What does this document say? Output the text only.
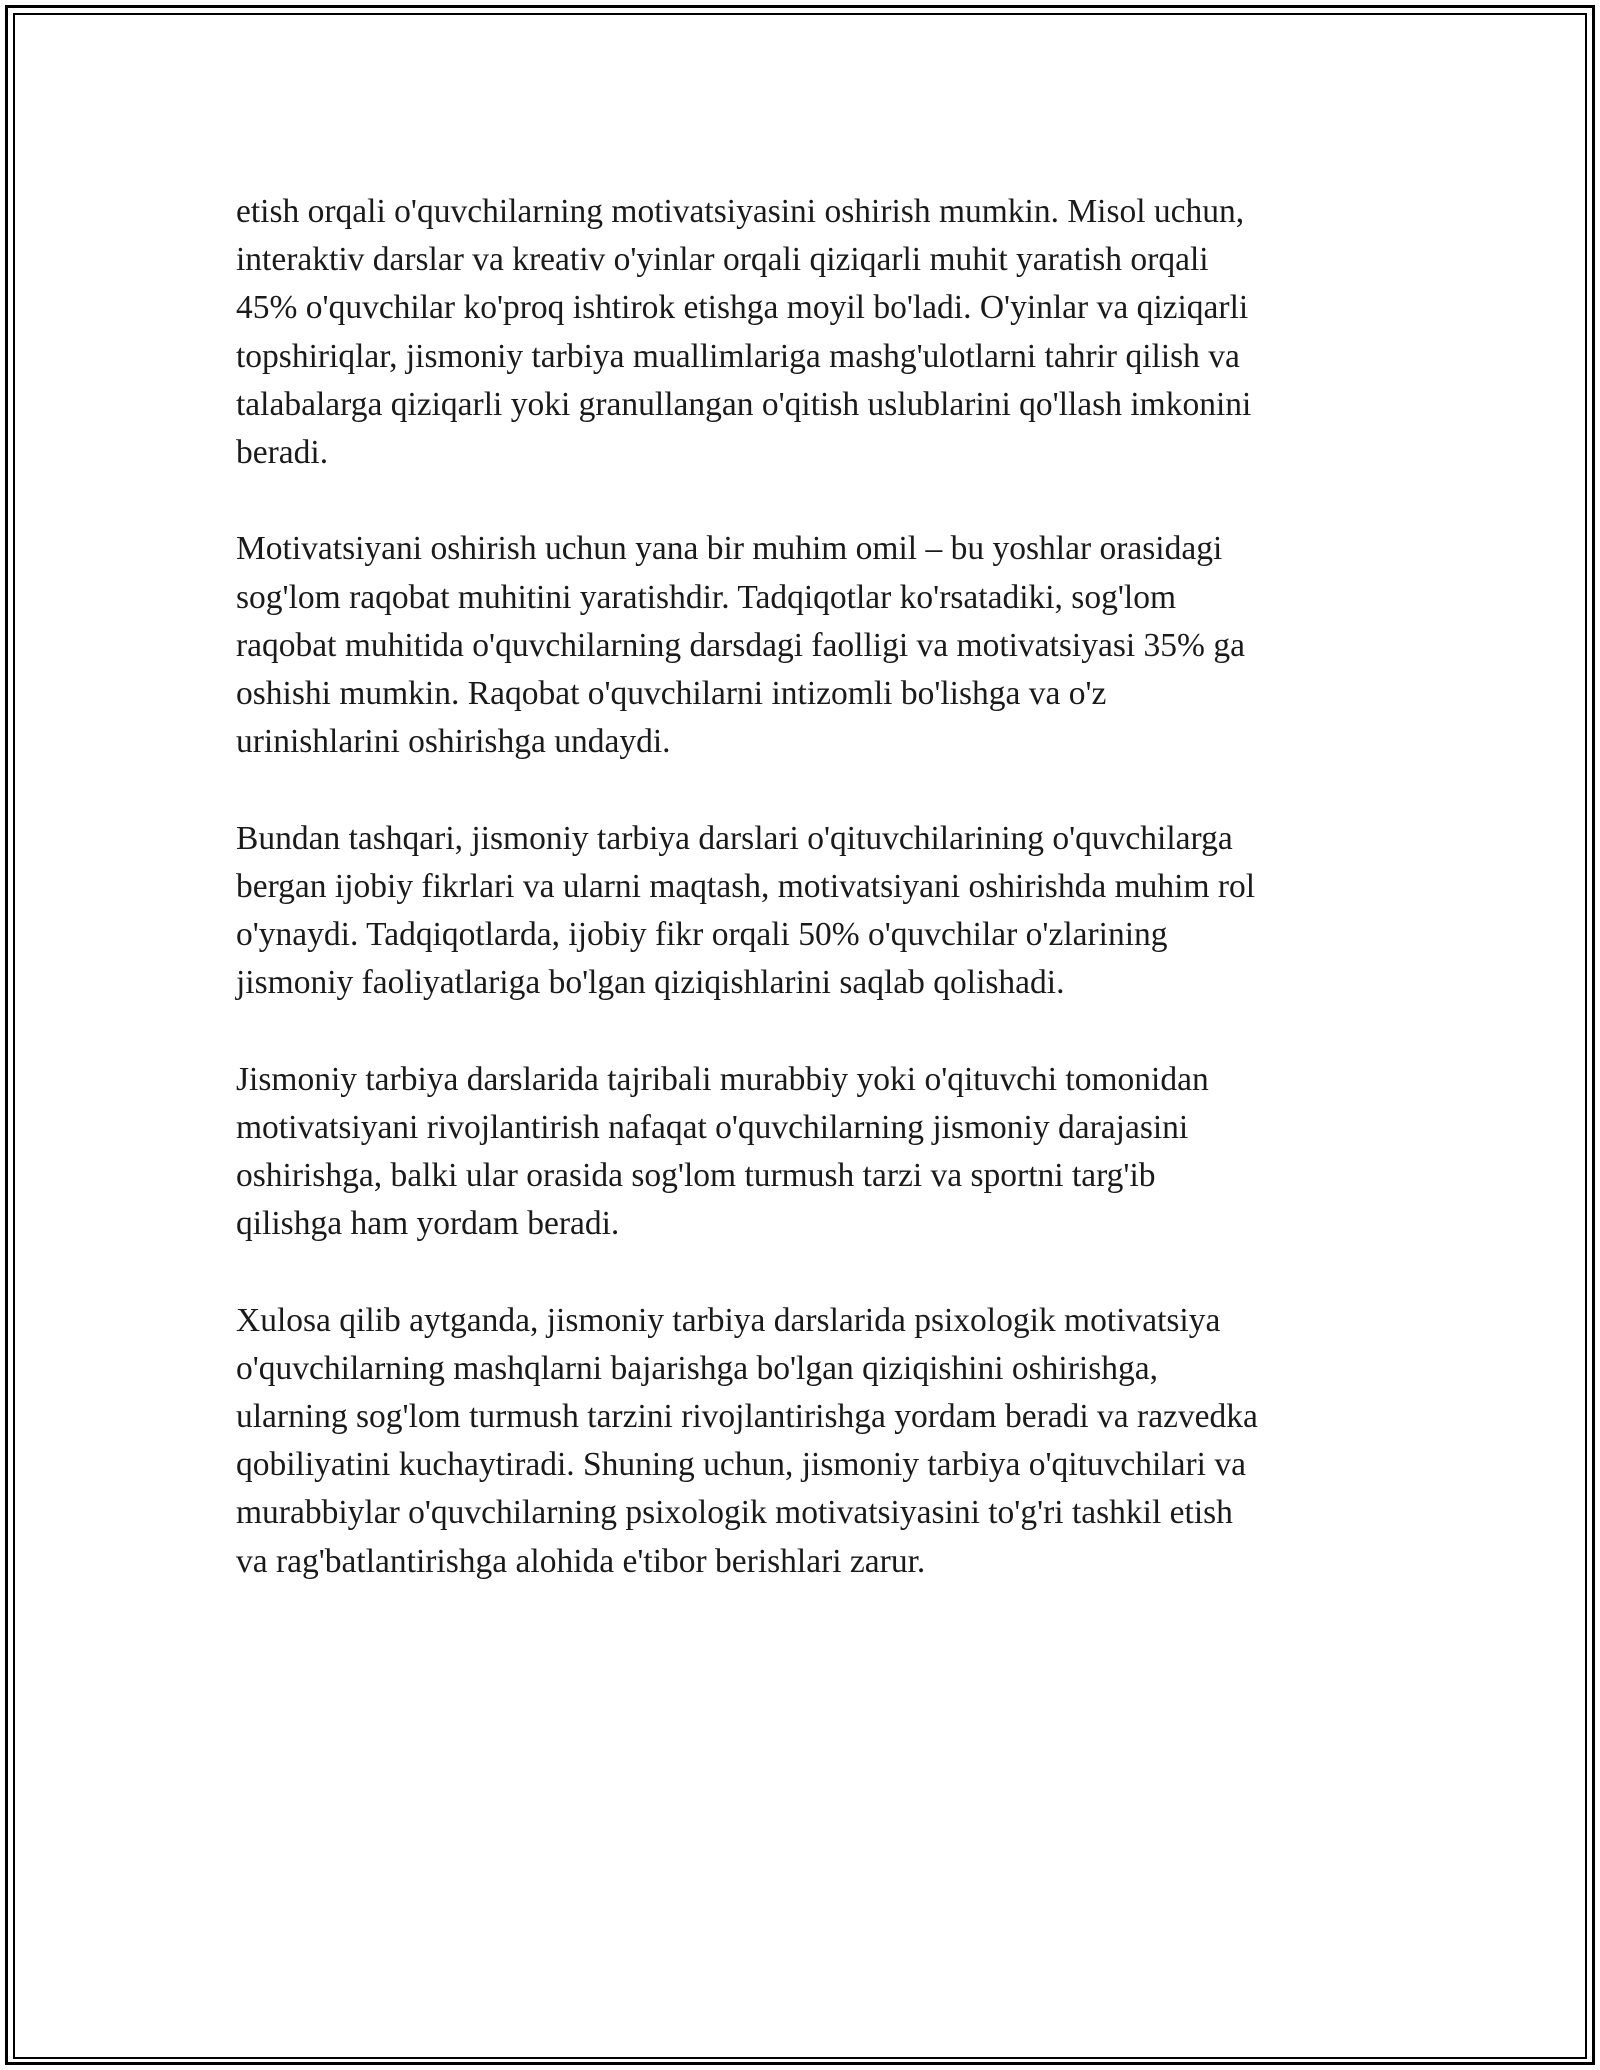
etish orqali o'quvchilarning motivatsiyasini oshirish mumkin. Misol uchun,
interaktiv darslar va kreativ o'yinlar orqali qiziqarli muhit yaratish orqali
45% o'quvchilar ko'proq ishtirok etishga moyil bo'ladi. O'yinlar va qiziqarli
topshiriqlar, jismoniy tarbiya muallimlariga mashg'ulotlarni tahrir qilish va
talabalarga qiziqarli yoki granullangan o'qitish uslublarini qo'llash imkonini
beradi.

Motivatsiyani oshirish uchun yana bir muhim omil – bu yoshlar orasidagi
sog'lom raqobat muhitini yaratishdir. Tadqiqotlar ko'rsatadiki, sog'lom
raqobat muhitida o'quvchilarning darsdagi faolligi va motivatsiyasi 35% ga
oshishi mumkin. Raqobat o'quvchilarni intizomli bo'lishga va o'z
urinishlarini oshirishga undaydi.

Bundan tashqari, jismoniy tarbiya darslari o'qituvchilarining o'quvchilarga
bergan ijobiy fikrlari va ularni maqtash, motivatsiyani oshirishda muhim rol
o'ynaydi. Tadqiqotlarda, ijobiy fikr orqali 50% o'quvchilar o'zlarining
jismoniy faoliyatlariga bo'lgan qiziqishlarini saqlab qolishadi.

Jismoniy tarbiya darslarida tajribali murabbiy yoki o'qituvchi tomonidan
motivatsiyani rivojlantirish nafaqat o'quvchilarning jismoniy darajasini
oshirishga, balki ular orasida sog'lom turmush tarzi va sportni targ'ib
qilishga ham yordam beradi.

Xulosa qilib aytganda, jismoniy tarbiya darslarida psixologik motivatsiya
o'quvchilarning mashqlarni bajarishga bo'lgan qiziqishini oshirishga,
ularning sog'lom turmush tarzini rivojlantirishga yordam beradi va razvedka
qobiliyatini kuchaytiradi. Shuning uchun, jismoniy tarbiya o'qituvchilari va
murabbiylar o'quvchilarning psixologik motivatsiyasini to'g'ri tashkil etish
va rag'batlantirishga alohida e'tibor berishlari zarur.
